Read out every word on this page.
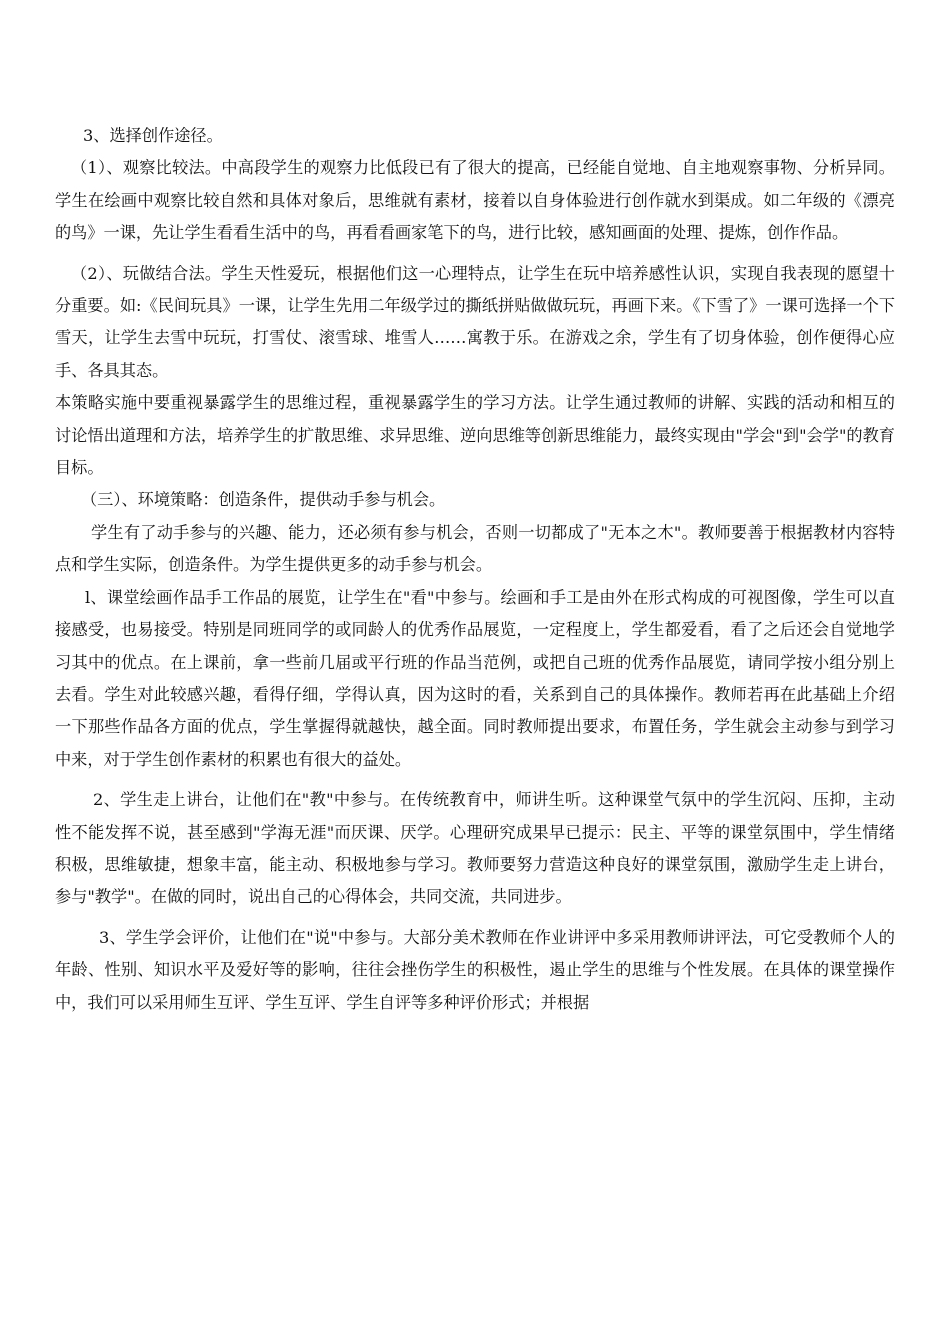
3、选择创作途径。

（1）、观察比较法。中高段学生的观察力比低段已有了很大的提高，已经能自觉地、自主地观察事物、分析异同。学生在绘画中观察比较自然和具体对象后，思维就有素材，接着以自身体验进行创作就水到渠成。如二年级的《漂亮的鸟》一课，先让学生看看生活中的鸟，再看看画家笔下的鸟，进行比较，感知画面的处理、提炼，创作作品。

（2）、玩做结合法。学生天性爱玩，根据他们这一心理特点，让学生在玩中培养感性认识，实现自我表现的愿望十分重要。如:《民间玩具》一课，让学生先用二年级学过的撕纸拼贴做做玩玩，再画下来。《下雪了》一课可选择一个下雪天，让学生去雪中玩玩，打雪仗、滚雪球、堆雪人……寓教于乐。在游戏之余，学生有了切身体验，创作便得心应手、各具其态。

本策略实施中要重视暴露学生的思维过程，重视暴露学生的学习方法。让学生通过教师的讲解、实践的活动和相互的讨论悟出道理和方法，培养学生的扩散思维、求异思维、逆向思维等创新思维能力，最终实现由"学会"到"会学"的教育目标。

（三）、环境策略：创造条件，提供动手参与机会。

学生有了动手参与的兴趣、能力，还必须有参与机会，否则一切都成了"无本之木"。教师要善于根据教材内容特点和学生实际，创造条件。为学生提供更多的动手参与机会。

l、课堂绘画作品手工作品的展览，让学生在"看"中参与。绘画和手工是由外在形式构成的可视图像，学生可以直接感受，也易接受。特别是同班同学的或同龄人的优秀作品展览，一定程度上，学生都爱看，看了之后还会自觉地学习其中的优点。在上课前，拿一些前几届或平行班的作品当范例，或把自己班的优秀作品展览，请同学按小组分别上去看。学生对此较感兴趣，看得仔细，学得认真，因为这时的看，关系到自己的具体操作。教师若再在此基础上介绍一下那些作品各方面的优点，学生掌握得就越快，越全面。同时教师提出要求，布置任务，学生就会主动参与到学习中来，对于学生创作素材的积累也有很大的益处。

2、学生走上讲台，让他们在"教"中参与。在传统教育中，师讲生听。这种课堂气氛中的学生沉闷、压抑，主动性不能发挥不说，甚至感到"学海无涯"而厌课、厌学。心理研究成果早已提示：民主、平等的课堂氛围中，学生情绪积极，思维敏捷，想象丰富，能主动、积极地参与学习。教师要努力营造这种良好的课堂氛围，激励学生走上讲台，参与"教学"。在做的同时，说出自己的心得体会，共同交流，共同进步。

3、学生学会评价，让他们在"说"中参与。大部分美术教师在作业讲评中多采用教师讲评法，可它受教师个人的年龄、性别、知识水平及爱好等的影响，往往会挫伤学生的积极性，遏止学生的思维与个性发展。在具体的课堂操作中，我们可以采用师生互评、学生互评、学生自评等多种评价形式；并根据
